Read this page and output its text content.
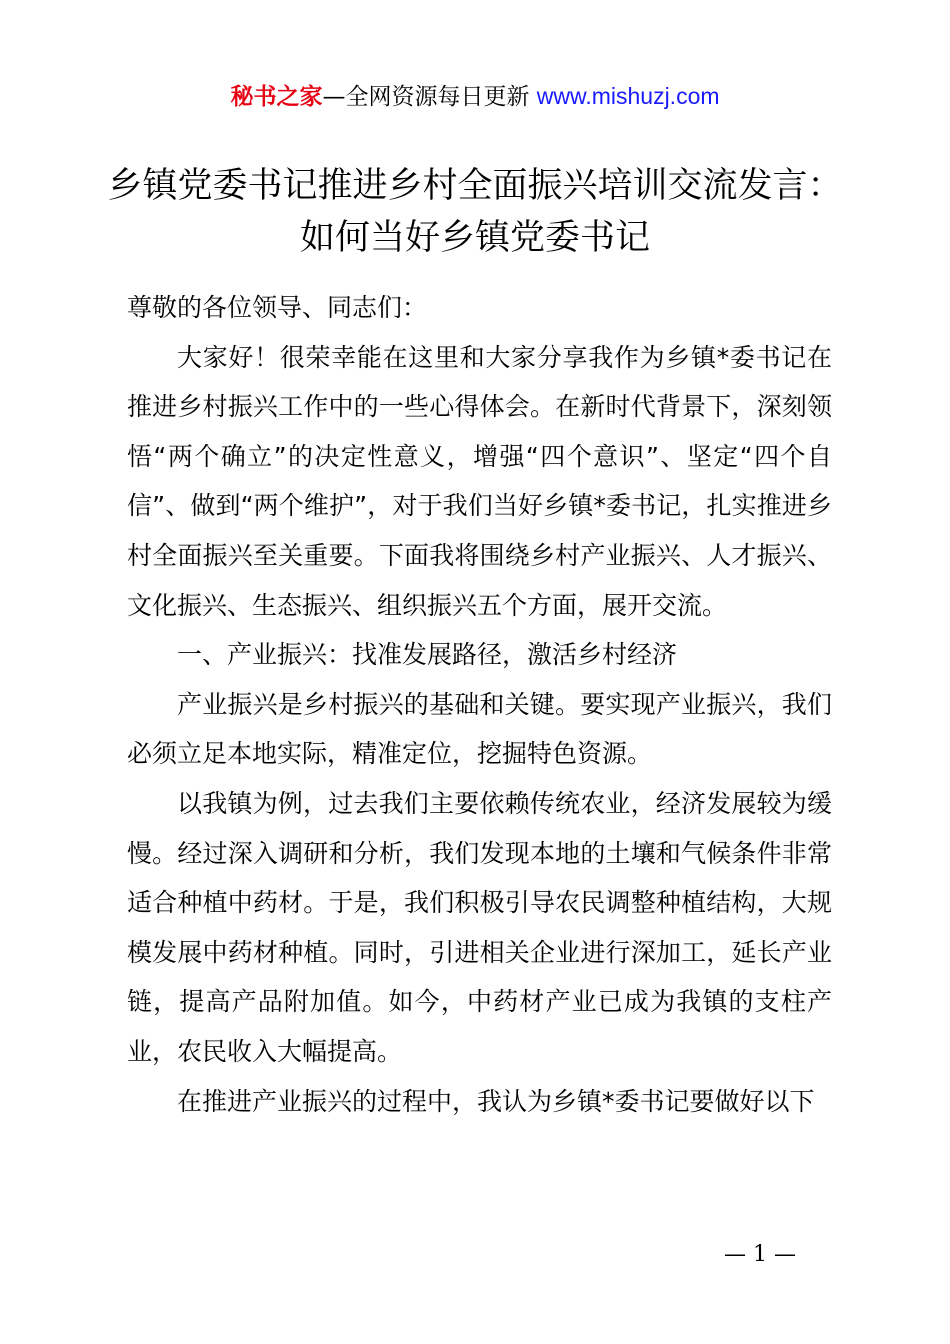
秘书之家—全网资源每日更新 www.mishuzj.com
乡镇党委书记推进乡村全面振兴培训交流发言：
如何当好乡镇党委书记

尊敬的各位领导、同志们：

大家好！很荣幸能在这里和大家分享我作为乡镇*委书记在推进乡村振兴工作中的一些心得体会。在新时代背景下，深刻领悟“两个确立”的决定性意义，增强“四个意识”、坚定“四个自信”、做到“两个维护”，对于我们当好乡镇*委书记，扎实推进乡村全面振兴至关重要。下面我将围绕乡村产业振兴、人才振兴、文化振兴、生态振兴、组织振兴五个方面，展开交流。

一、产业振兴：找准发展路径，激活乡村经济

产业振兴是乡村振兴的基础和关键。要实现产业振兴，我们必须立足本地实际，精准定位，挖掘特色资源。

以我镇为例，过去我们主要依赖传统农业，经济发展较为缓慢。经过深入调研和分析，我们发现本地的土壤和气候条件非常适合种植中药材。于是，我们积极引导农民调整种植结构，大规模发展中药材种植。同时，引进相关企业进行深加工，延长产业链，提高产品附加值。如今，中药材产业已成为我镇的支柱产业，农民收入大幅提高。

在推进产业振兴的过程中，我认为乡镇*委书记要做好以下

— 1 —
